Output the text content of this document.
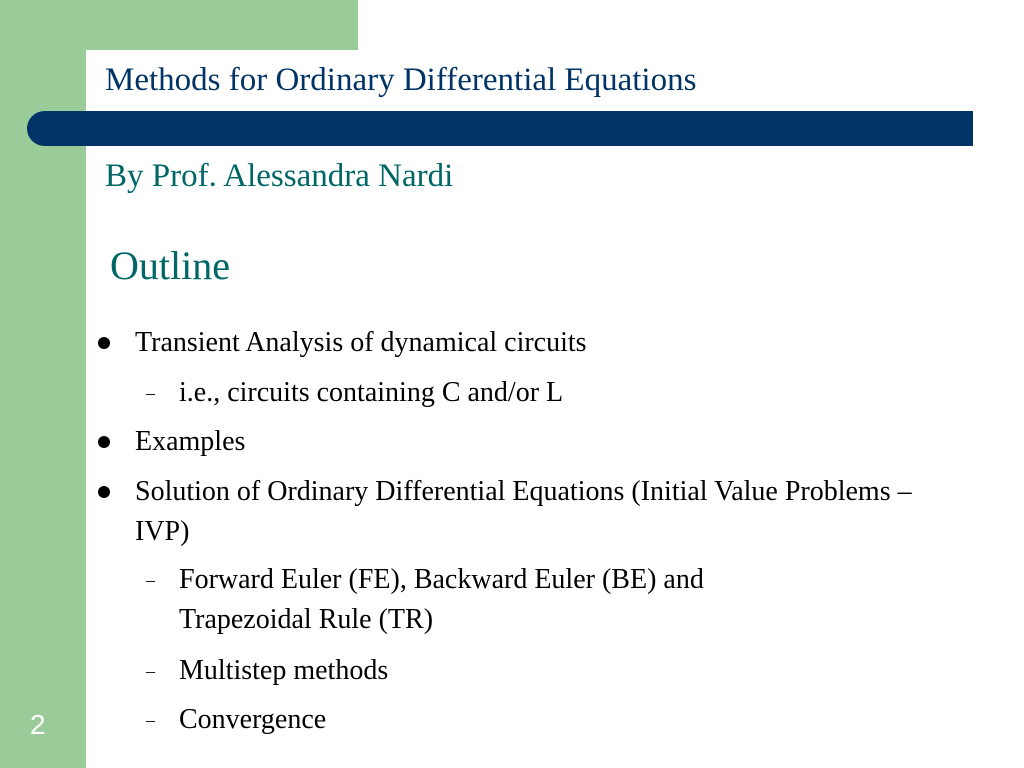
Methods for Ordinary Differential Equations
By Prof. Alessandra Nardi
Outline
Transient Analysis of dynamical circuits
– i.e., circuits containing C and/or L
Examples
Solution of Ordinary Differential Equations (Initial Value Problems – IVP)
– Forward Euler (FE), Backward Euler (BE) and Trapezoidal Rule (TR)
– Multistep methods
– Convergence
2
